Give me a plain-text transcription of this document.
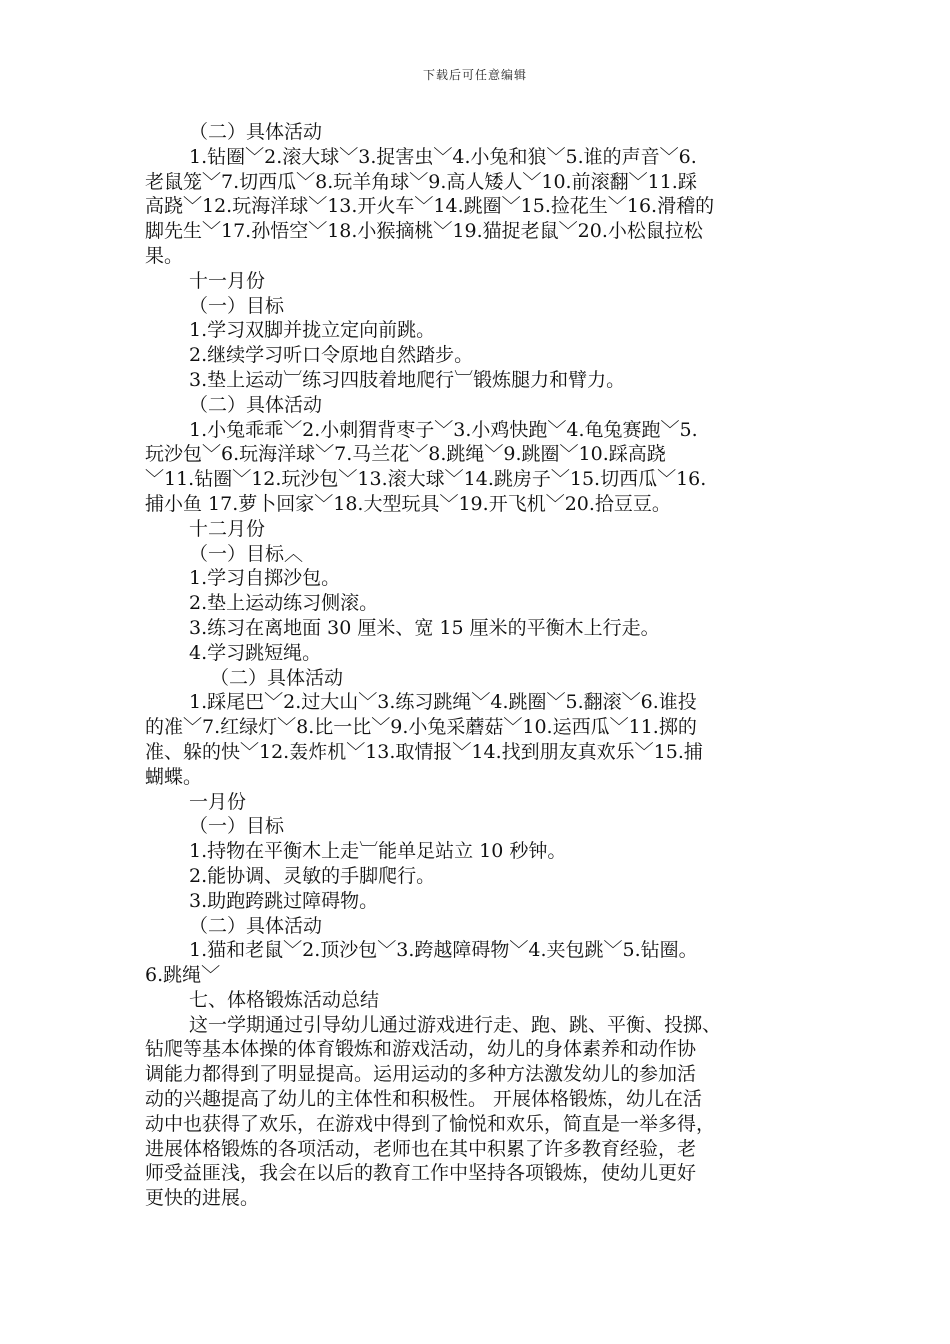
下载后可任意编辑
（二）具体活动
1.钻圈﹀2.滚大球﹀3.捉害虫﹀4.小兔和狼﹀5.谁的声音﹀6.
老鼠笼﹀7.切西瓜﹀8.玩羊角球﹀9.高人矮人﹀10.前滚翻﹀11.踩
高跷﹀12.玩海洋球﹀13.开火车﹀14.跳圈﹀15.捡花生﹀16.滑稽的
脚先生﹀17.孙悟空﹀18.小猴摘桃﹀19.猫捉老鼠﹀20.小松鼠拉松
果。
十一月份
（一）目标
1.学习双脚并拢立定向前跳。
2.继续学习听口令原地自然踏步。
3.垫上运动︺练习四肢着地爬行︺锻炼腿力和臂力。
（二）具体活动
1.小兔乖乖﹀2.小刺猬背枣子﹀3.小鸡快跑﹀4.龟兔赛跑﹀5.
玩沙包﹀6.玩海洋球﹀7.马兰花﹀8.跳绳﹀9.跳圈﹀10.踩高跷
﹀11.钻圈﹀12.玩沙包﹀13.滚大球﹀14.跳房子﹀15.切西瓜﹀16.
捕小鱼 17.萝卜回家﹀18.大型玩具﹀19.开飞机﹀20.拾豆豆。
十二月份
（一）目标︿
1.学习自掷沙包。
2.垫上运动练习侧滚。
3.练习在离地面 30 厘米、宽 15 厘米的平衡木上行走。
4.学习跳短绳。
（二）具体活动
1.踩尾巴﹀2.过大山﹀3.练习跳绳﹀4.跳圈﹀5.翻滚﹀6.谁投
的准﹀7.红绿灯﹀8.比一比﹀9.小兔采蘑菇﹀10.运西瓜﹀11.掷的
准、躲的快﹀12.轰炸机﹀13.取情报﹀14.找到朋友真欢乐﹀15.捕
蝴蝶。
一月份
（一）目标
1.持物在平衡木上走︺能单足站立 10 秒钟。
2.能协调、灵敏的手脚爬行。
3.助跑跨跳过障碍物。
（二）具体活动
1.猫和老鼠﹀2.顶沙包﹀3.跨越障碍物﹀4.夹包跳﹀5.钻圈。
6.跳绳﹀
七、体格锻炼活动总结
这一学期通过引导幼儿通过游戏进行走、跑、跳、平衡、投掷、
钻爬等基本体操的体育锻炼和游戏活动，幼儿的身体素养和动作协
调能力都得到了明显提高。运用运动的多种方法激发幼儿的参加活
动的兴趣提高了幼儿的主体性和积极性。 开展体格锻炼，幼儿在活
动中也获得了欢乐，在游戏中得到了愉悦和欢乐，简直是一举多得，
进展体格锻炼的各项活动，老师也在其中积累了许多教育经验，老
师受益匪浅，我会在以后的教育工作中坚持各项锻炼，使幼儿更好
更快的进展。
